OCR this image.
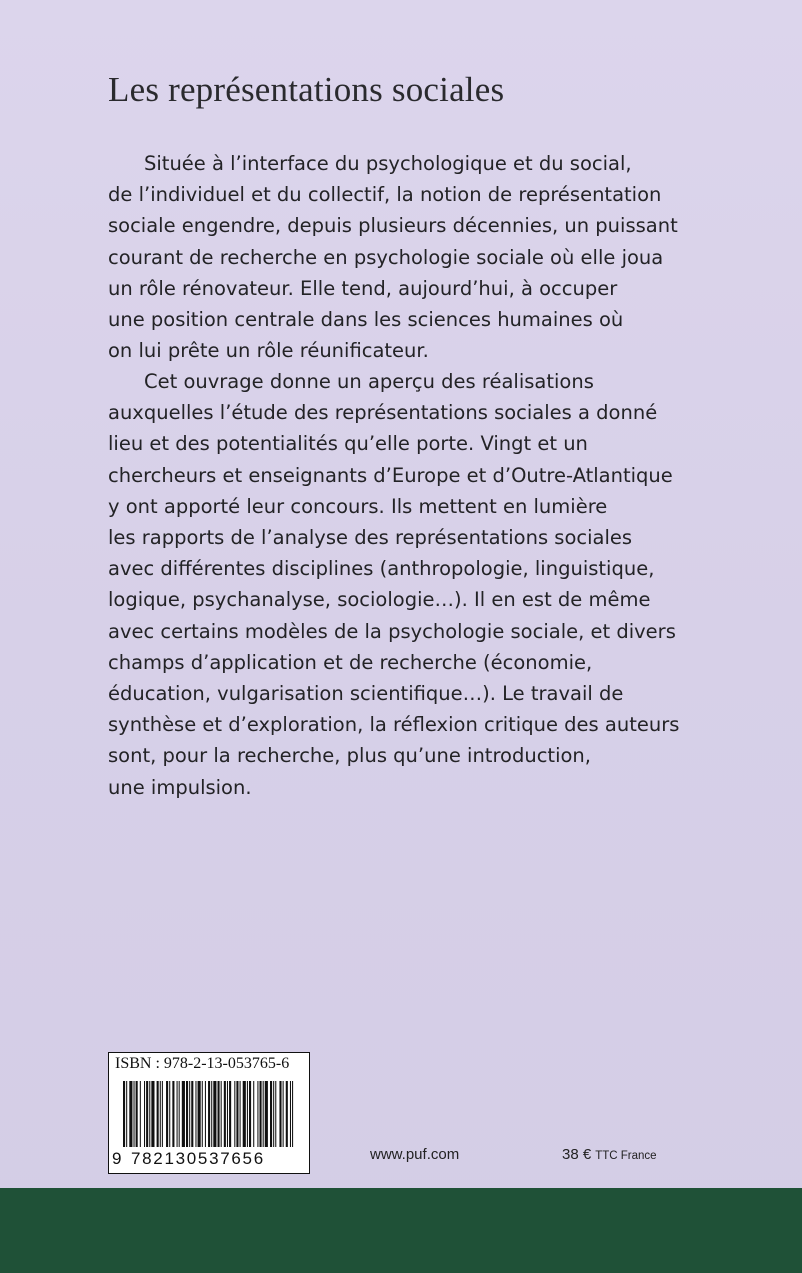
Les représentations sociales
Située à l’interface du psychologique et du social,
de l’individuel et du collectif, la notion de représentation
sociale engendre, depuis plusieurs décennies, un puissant
courant de recherche en psychologie sociale où elle joua
un rôle rénovateur. Elle tend, aujourd’hui, à occuper
une position centrale dans les sciences humaines où
on lui prête un rôle réunificateur.
Cet ouvrage donne un aperçu des réalisations
auxquelles l’étude des représentations sociales a donné
lieu et des potentialités qu’elle porte. Vingt et un
chercheurs et enseignants d’Europe et d’Outre-Atlantique
y ont apporté leur concours. Ils mettent en lumière
les rapports de l’analyse des représentations sociales
avec différentes disciplines (anthropologie, linguistique,
logique, psychanalyse, sociologie…). Il en est de même
avec certains modèles de la psychologie sociale, et divers
champs d’application et de recherche (économie,
éducation, vulgarisation scientifique…). Le travail de
synthèse et d’exploration, la réflexion critique des auteurs
sont, pour la recherche, plus qu’une introduction,
une impulsion.
ISBN : 978-2-13-053765-6
9 782130537656	www.puf.com	38 € TTC France
